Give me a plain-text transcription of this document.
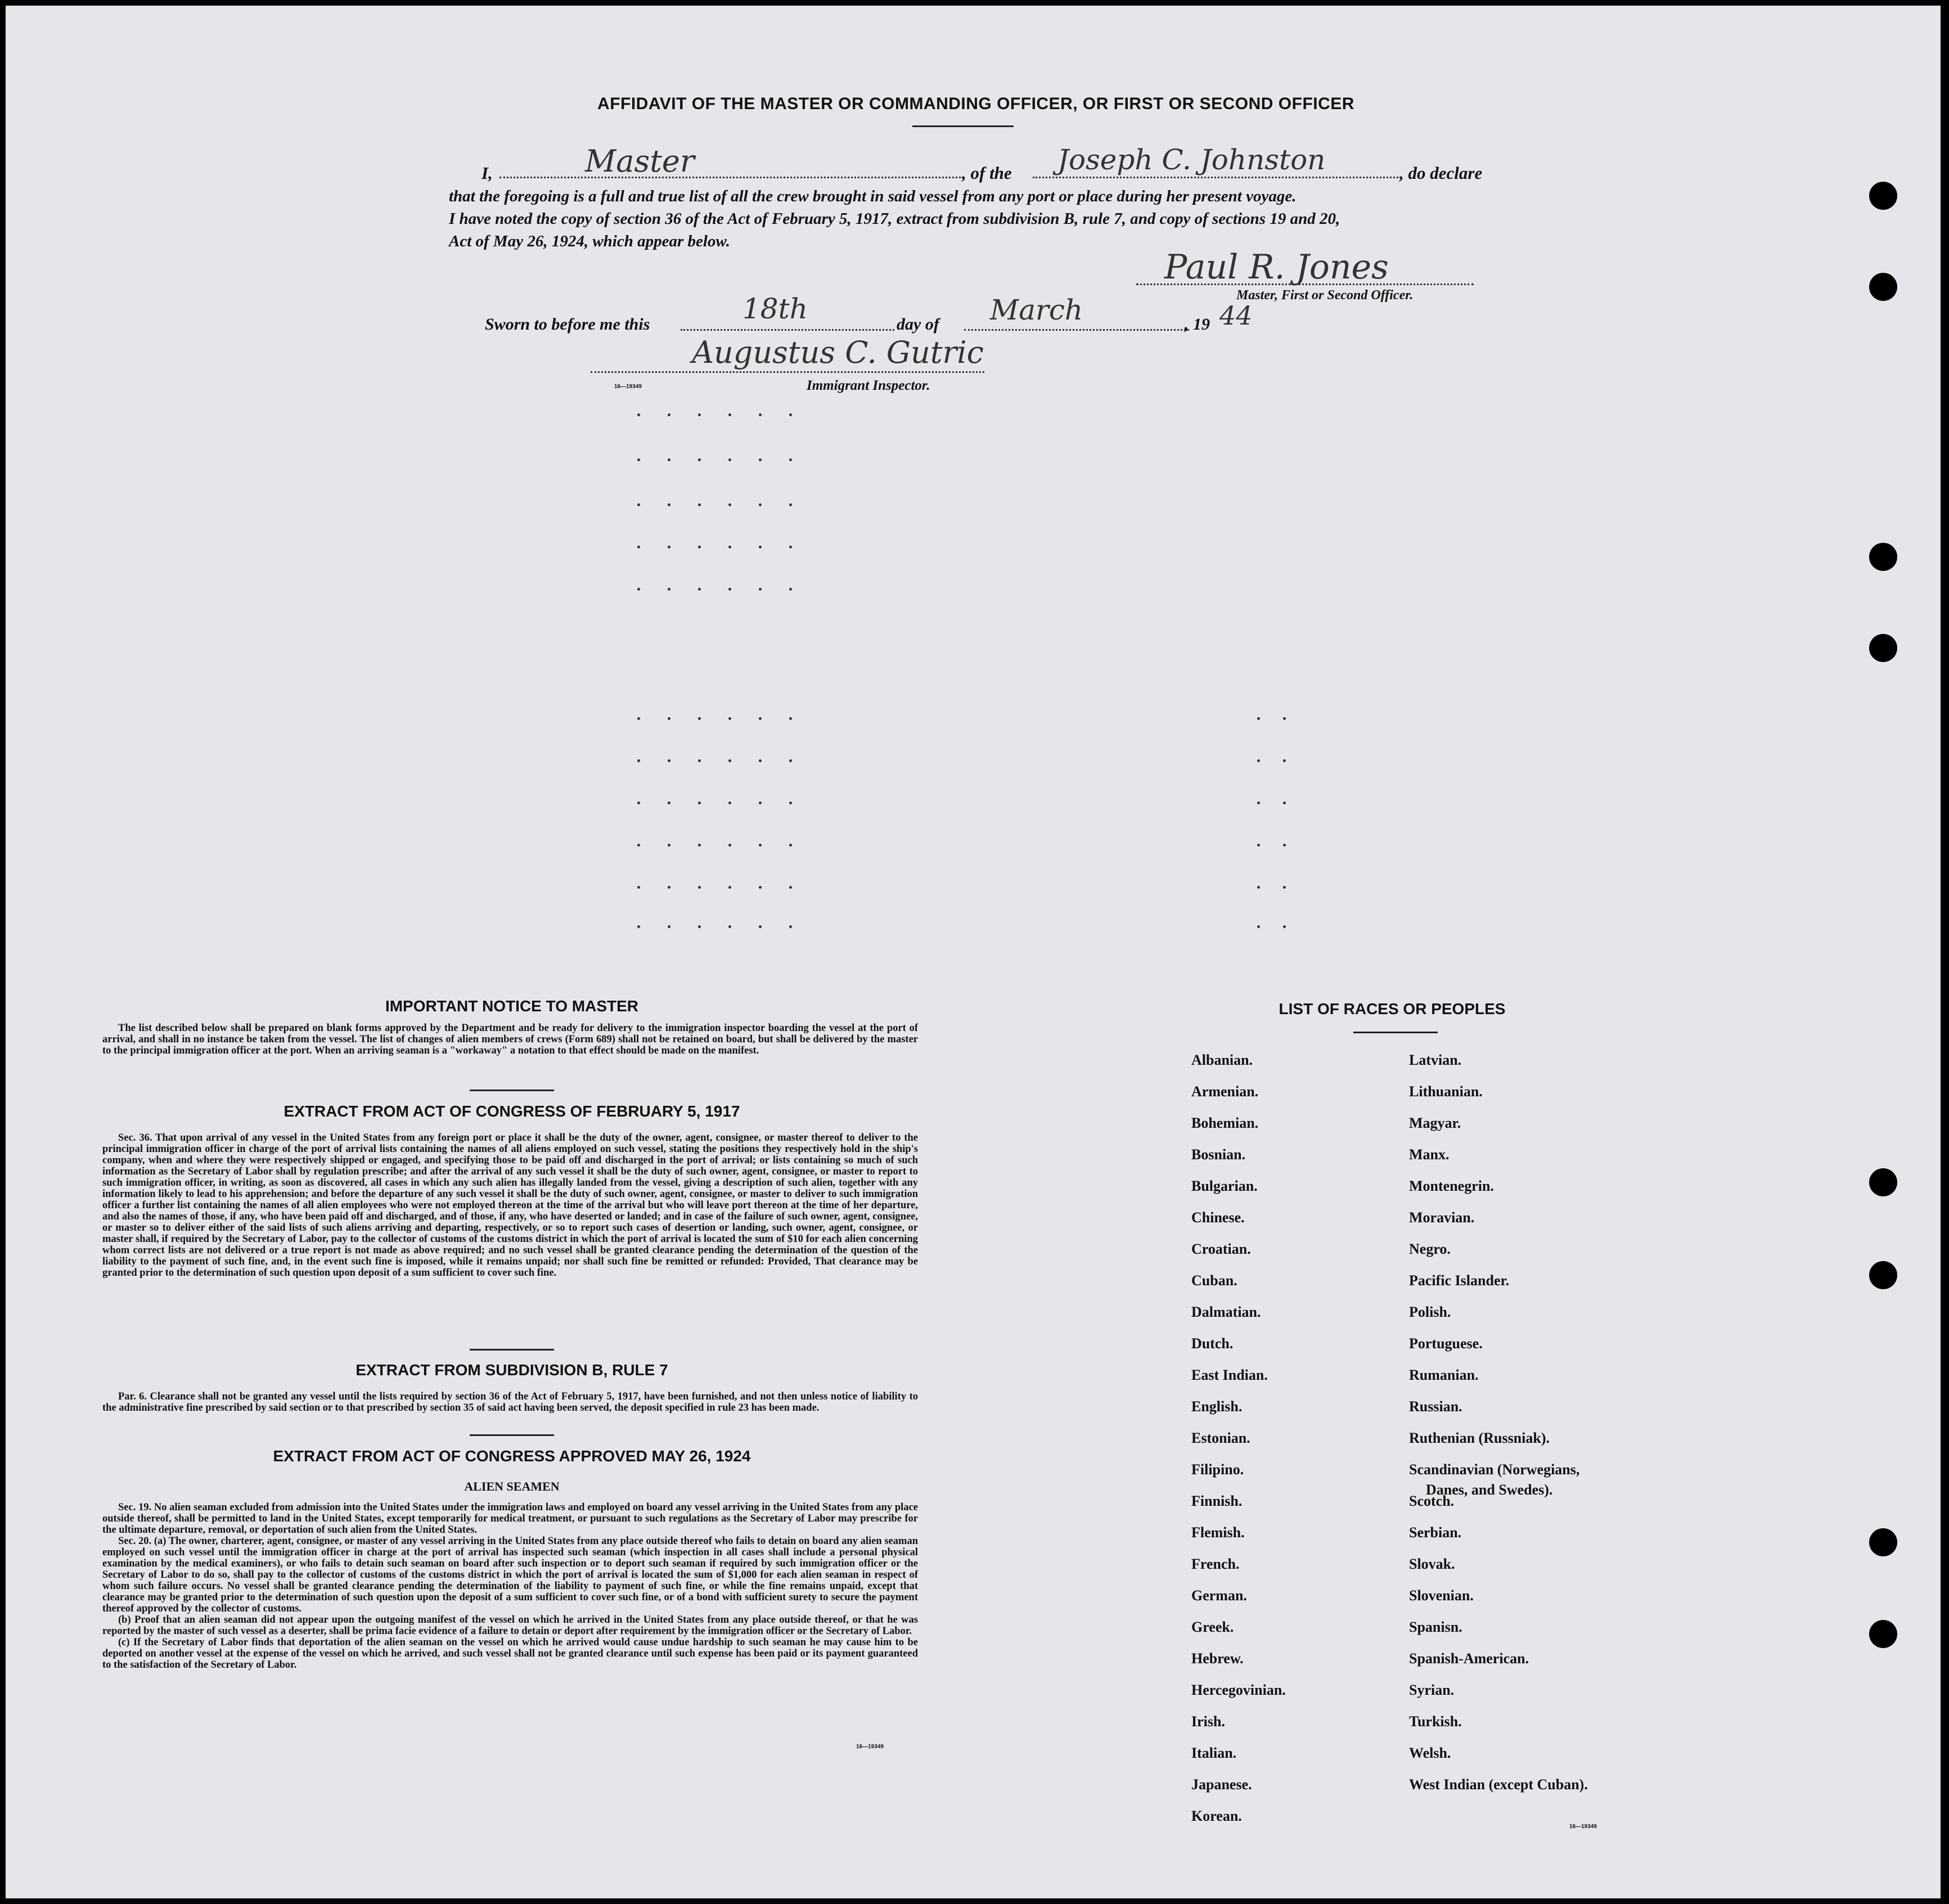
AFFIDAVIT OF THE MASTER OR COMMANDING OFFICER, OR FIRST OR SECOND OFFICER
I,	Master	, of the Joseph C. Johnston	, do declare
that the foregoing is a full and true list of all the crew brought in said vessel from any port or place during her present voyage.
I have noted the copy of section 36 of the Act of February 5, 1917, extract from subdivision B, rule 7, and copy of sections 19 and 20,
Act of May 26, 1924, which appear below.
Paul R. Jones
Master, First or Second Officer.
Sworn to before me this	18th	day of March	, 19 44
Augustus C. Gutric
16—19349	Immigrant Inspector.
IMPORTANT NOTICE TO MASTER

The list described below shall be prepared on blank forms approved by the Department and be ready for delivery to the immigration inspector boarding the vessel at the port of arrival, and shall in no instance be taken from the vessel. The list of changes of alien members of crews (Form 689) shall not be retained on board, but shall be delivered by the master to the principal immigration officer at the port. When an arriving seaman is a "workaway" a notation to that effect should be made on the manifest.

EXTRACT FROM ACT OF CONGRESS OF FEBRUARY 5, 1917

Sec. 36. That upon arrival of any vessel in the United States from any foreign port or place it shall be the duty of the owner, agent, consignee, or master thereof to deliver to the principal immigration officer in charge of the port of arrival lists containing the names of all aliens employed on such vessel, stating the positions they respectively hold in the ship's company, when and where they were respectively shipped or engaged, and specifying those to be paid off and discharged in the port of arrival; or lists containing so much of such information as the Secretary of Labor shall by regulation prescribe; and after the arrival of any such vessel it shall be the duty of such owner, agent, consignee, or master to report to such immigration officer, in writing, as soon as discovered, all cases in which any such alien has illegally landed from the vessel, giving a description of such alien, together with any information likely to lead to his apprehension; and before the departure of any such vessel it shall be the duty of such owner, agent, consignee, or master to deliver to such immigration officer a further list containing the names of all alien employees who were not employed thereon at the time of the arrival but who will leave port thereon at the time of her departure, and also the names of those, if any, who have been paid off and discharged, and of those, if any, who have deserted or landed; and in case of the failure of such owner, agent, consignee, or master so to deliver either of the said lists of such aliens arriving and departing, respectively, or so to report such cases of desertion or landing, such owner, agent, consignee, or master shall, if required by the Secretary of Labor, pay to the collector of customs of the customs district in which the port of arrival is located the sum of $10 for each alien concerning whom correct lists are not delivered or a true report is not made as above required; and no such vessel shall be granted clearance pending the determination of the question of the liability to the payment of such fine, and, in the event such fine is imposed, while it remains unpaid; nor shall such fine be remitted or refunded: Provided, That clearance may be granted prior to the determination of such question upon deposit of a sum sufficient to cover such fine.

EXTRACT FROM SUBDIVISION B, RULE 7

Par. 6. Clearance shall not be granted any vessel until the lists required by section 36 of the Act of February 5, 1917, have been furnished, and not then unless notice of liability to the administrative fine prescribed by said section or to that prescribed by section 35 of said act having been served, the deposit specified in rule 23 has been made.

EXTRACT FROM ACT OF CONGRESS APPROVED MAY 26, 1924
ALIEN SEAMEN

Sec. 19. No alien seaman excluded from admission into the United States under the immigration laws and employed on board any vessel arriving in the United States from any place outside thereof, shall be permitted to land in the United States, except temporarily for medical treatment, or pursuant to such regulations as the Secretary of Labor may prescribe for the ultimate departure, removal, or deportation of such alien from the United States.

Sec. 20. (a) The owner, charterer, agent, consignee, or master of any vessel arriving in the United States from any place outside thereof who fails to detain on board any alien seaman employed on such vessel until the immigration officer in charge at the port of arrival has inspected such seaman (which inspection in all cases shall include a personal physical examination by the medical examiners), or who fails to detain such seaman on board after such inspection or to deport such seaman if required by such immigration officer or the Secretary of Labor to do so, shall pay to the collector of customs of the customs district in which the port of arrival is located the sum of $1,000 for each alien seaman in respect of whom such failure occurs. No vessel shall be granted clearance pending the determination of the liability to payment of such fine, or while the fine remains unpaid, except that clearance may be granted prior to the determination of such question upon the deposit of a sum sufficient to cover such fine, or of a bond with sufficient surety to secure the payment thereof approved by the collector of customs.

(b) Proof that an alien seaman did not appear upon the outgoing manifest of the vessel on which he arrived in the United States from any place outside thereof, or that he was reported by the master of such vessel as a deserter, shall be prima facie evidence of a failure to detain or deport after requirement by the immigration officer or the Secretary of Labor.

(c) If the Secretary of Labor finds that deportation of the alien seaman on the vessel on which he arrived would cause undue hardship to such seaman he may cause him to be deported on another vessel at the expense of the vessel on which he arrived, and such vessel shall not be granted clearance until such expense has been paid or its payment guaranteed to the satisfaction of the Secretary of Labor.

16—19349
LIST OF RACES OR PEOPLES
Albanian.
Armenian.
Bohemian.
Bosnian.
Bulgarian.
Chinese.
Croatian.
Cuban.
Dalmatian.
Dutch.
East Indian.
English.
Estonian.
Filipino.
Finnish.
Flemish.
French.
German.
Greek.
Hebrew.
Hercegovinian.
Irish.
Italian.
Japanese.
Korean.
Latvian.
Lithuanian.
Magyar.
Manx.
Montenegrin.
Moravian.
Negro.
Pacific Islander.
Polish.
Portuguese.
Rumanian.
Russian.
Ruthenian (Russniak).
Scandinavian (Norwegians,
Danes, and Swedes).
Scotch.
Serbian.
Slovak.
Slovenian.
Spanisn.
Spanish-American.
Syrian.
Turkish.
Welsh.
West Indian (except Cuban).
16—19349
